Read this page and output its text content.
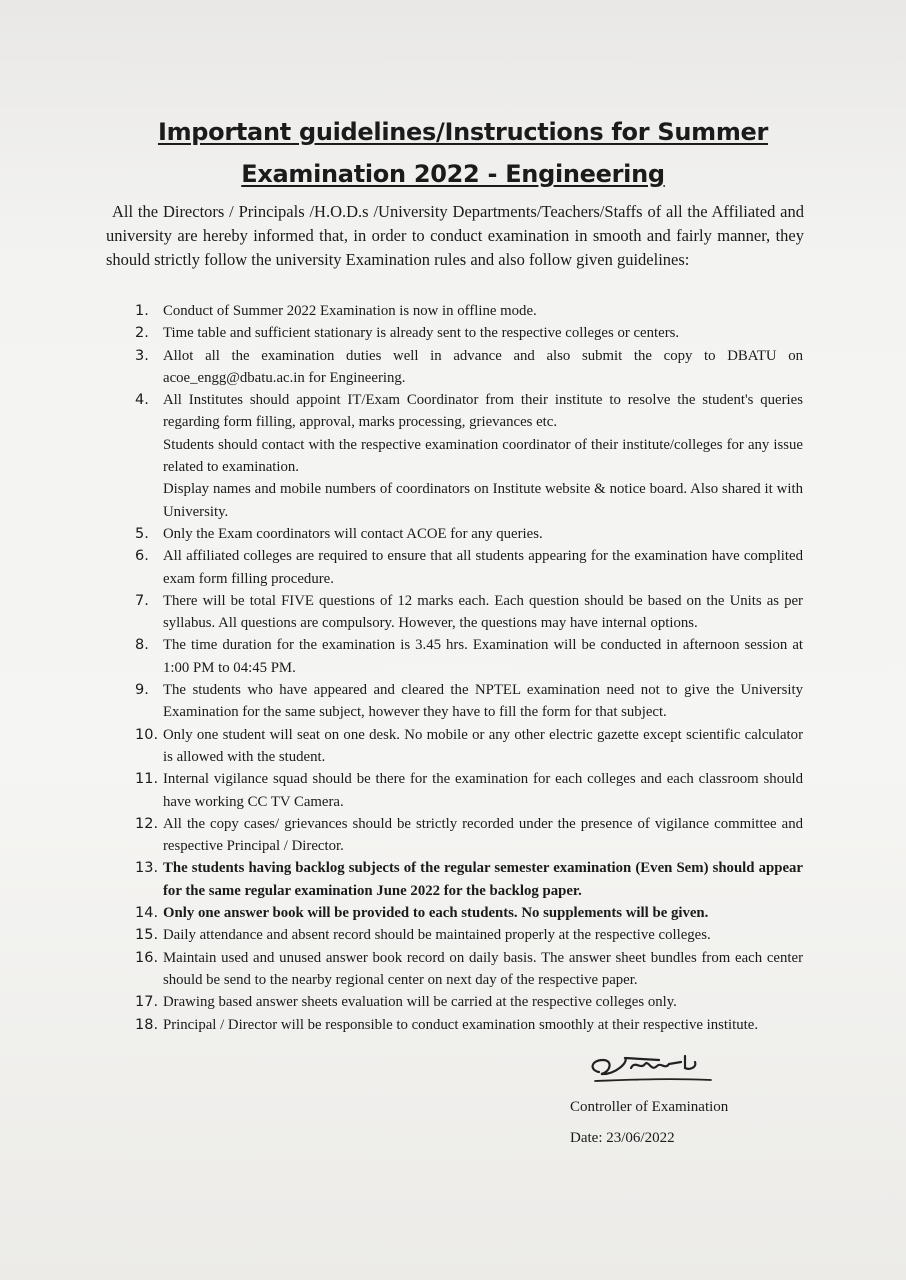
Important guidelines/Instructions for Summer
Examination 2022 - Engineering

All the Directors / Principals /H.O.D.s /University Departments/Teachers/Staffs of all the Affiliated and university are hereby informed that, in order to conduct examination in smooth and fairly manner, they should strictly follow the university Examination rules and also follow given guidelines:

1. Conduct of Summer 2022 Examination is now in offline mode.
2. Time table and sufficient stationary is already sent to the respective colleges or centers.
3. Allot all the examination duties well in advance and also submit the copy to DBATU on acoe_engg@dbatu.ac.in for Engineering.
4. All Institutes should appoint IT/Exam Coordinator from their institute to resolve the student's queries regarding form filling, approval, marks processing, grievances etc.
Students should contact with the respective examination coordinator of their institute/colleges for any issue related to examination.
Display names and mobile numbers of coordinators on Institute website & notice board. Also shared it with University.
5. Only the Exam coordinators will contact ACOE for any queries.
6. All affiliated colleges are required to ensure that all students appearing for the examination have complited exam form filling procedure.
7. There will be total FIVE questions of 12 marks each. Each question should be based on the Units as per syllabus. All questions are compulsory. However, the questions may have internal options.
8. The time duration for the examination is 3.45 hrs. Examination will be conducted in afternoon session at 1:00 PM to 04:45 PM.
9. The students who have appeared and cleared the NPTEL examination need not to give the University Examination for the same subject, however they have to fill the form for that subject.
10. Only one student will seat on one desk. No mobile or any other electric gazette except scientific calculator is allowed with the student.
11. Internal vigilance squad should be there for the examination for each colleges and each classroom should have working CC TV Camera.
12. All the copy cases/ grievances should be strictly recorded under the presence of vigilance committee and respective Principal / Director.
13. The students having backlog subjects of the regular semester examination (Even Sem) should appear for the same regular examination June 2022 for the backlog paper.
14. Only one answer book will be provided to each students. No supplements will be given.
15. Daily attendance and absent record should be maintained properly at the respective colleges.
16. Maintain used and unused answer book record on daily basis. The answer sheet bundles from each center should be send to the nearby regional center on next day of the respective paper.
17. Drawing based answer sheets evaluation will be carried at the respective colleges only.
18. Principal / Director will be responsible to conduct examination smoothly at their respective institute.
Controller of Examination
Date: 23/06/2022
